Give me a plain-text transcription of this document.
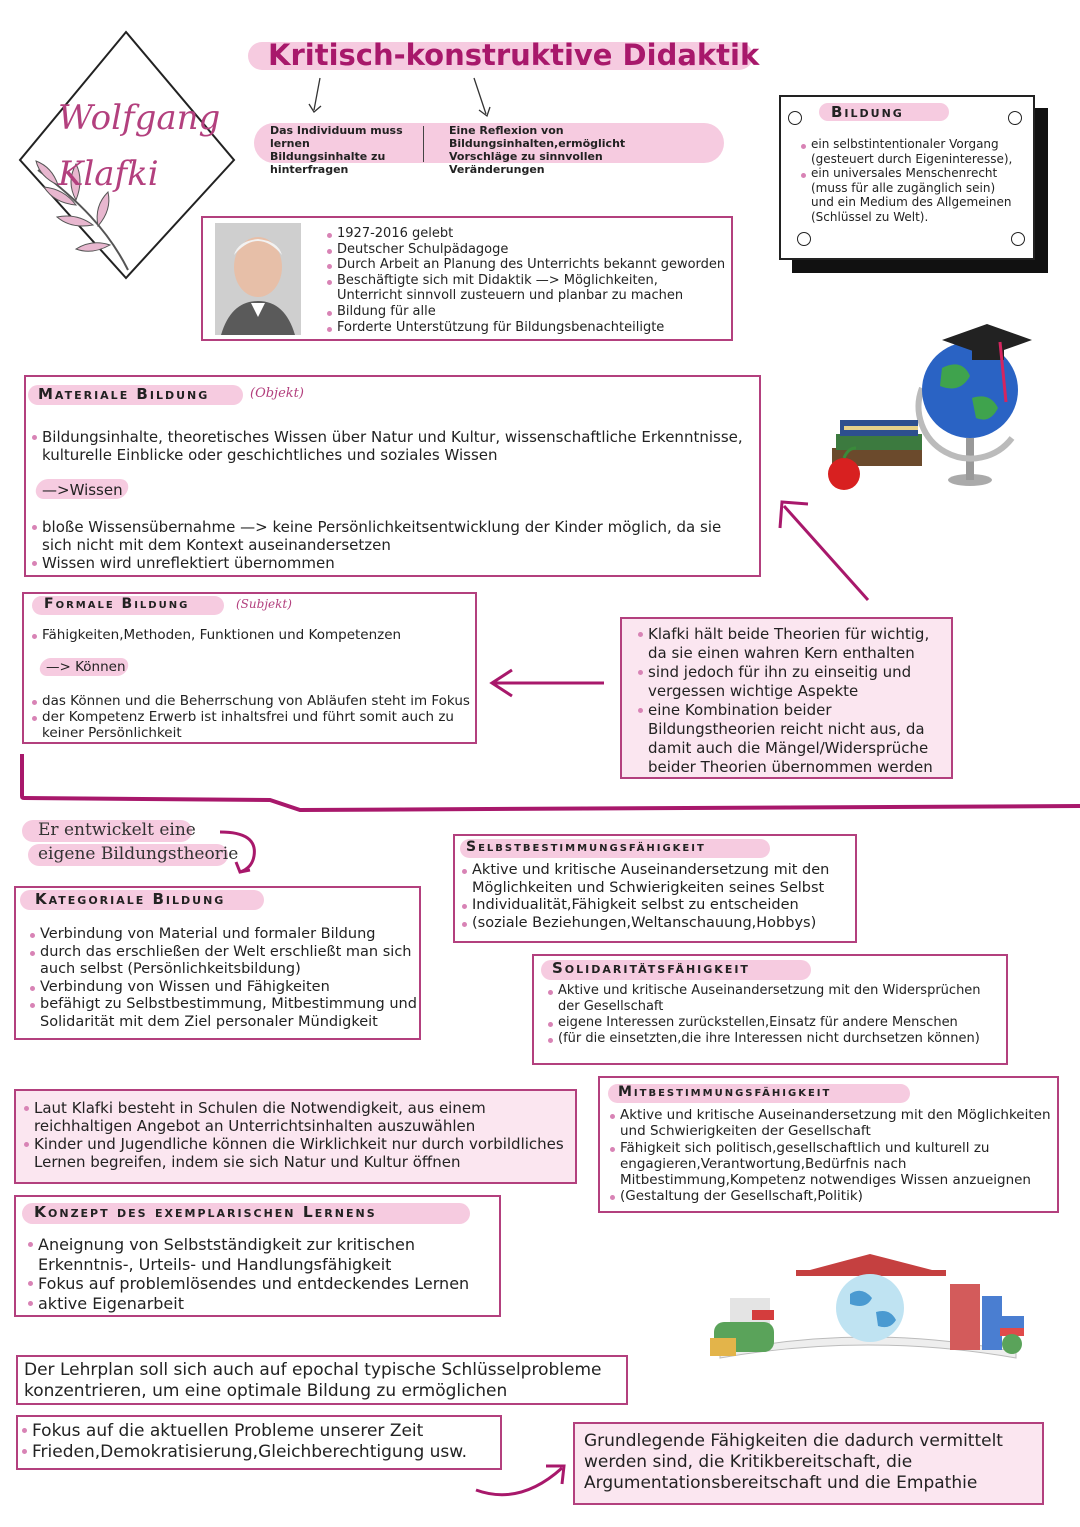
Wolfgang Klafki
Kritisch-konstruktive Didaktik
Das Individuum muss lernen Bildungsinhalte zu hinterfragen
Eine Reflexion von Bildungsinhalten,ermöglicht Vorschläge zu sinnvollen Veränderungen
Bildung
ein selbstintentionaler Vorgang (gesteuert durch Eigeninteresse),
ein universales Menschenrecht (muss für alle zugänglich sein) und ein Medium des Allgemeinen (Schlüssel zu Welt).
1927-2016 gelebt
Deutscher Schulpädagoge
Durch Arbeit an Planung des Unterrichts bekannt geworden
Beschäftigte sich mit Didaktik —> Möglichkeiten, Unterricht sinnvoll zusteuern und planbar zu machen
Bildung für alle
Forderte Unterstützung für Bildungsbenachteiligte
Materiale Bildung	(Objekt)
Bildungsinhalte, theoretisches Wissen über Natur und Kultur, wissenschaftliche Erkenntnisse, kulturelle Einblicke oder geschichtliches und soziales Wissen
—>Wissen
bloße Wissensübernahme —> keine Persönlichkeitsentwicklung der Kinder möglich, da sie sich nicht mit dem Kontext auseinandersetzen
Wissen wird unreflektiert übernommen
Formale Bildung	(Subjekt)
Fähigkeiten,Methoden, Funktionen und Kompetenzen
—> Können
das Können und die Beherrschung von Abläufen steht im Fokus
der Kompetenz Erwerb ist inhaltsfrei und führt somit auch zu keiner Persönlichkeit
Klafki hält beide Theorien für wichtig, da sie einen wahren Kern enthalten
sind jedoch für ihn zu einseitig und vergessen wichtige Aspekte
eine Kombination beider Bildungstheorien reicht nicht aus, da damit auch die Mängel/Widersprüche beider Theorien übernommen werden
Er entwickelt eine
eigene Bildungstheorie
Kategoriale Bildung
Verbindung von Material und formaler Bildung
durch das erschließen der Welt erschließt man sich auch selbst (Persönlichkeitsbildung)
Verbindung von Wissen und Fähigkeiten
befähigt zu Selbstbestimmung, Mitbestimmung und Solidarität mit dem Ziel personaler Mündigkeit
Selbstbestimmungsfähigkeit
Aktive und kritische Auseinandersetzung mit den Möglichkeiten und Schwierigkeiten seines Selbst
Individualität,Fähigkeit selbst zu entscheiden
(soziale Beziehungen,Weltanschauung,Hobbys)
Solidaritätsfähigkeit
Aktive und kritische Auseinandersetzung mit den Widersprüchen der Gesellschaft
eigene Interessen zurückstellen,Einsatz für andere Menschen
(für die einsetzten,die ihre Interessen nicht durchsetzen können)
Laut Klafki besteht in Schulen die Notwendigkeit, aus einem reichhaltigen Angebot an Unterrichtsinhalten auszuwählen
Kinder und Jugendliche können die Wirklichkeit nur durch vorbildliches Lernen begreifen, indem sie sich Natur und Kultur öffnen
Mitbestimmungsfähigkeit
Aktive und kritische Auseinandersetzung mit den Möglichkeiten und Schwierigkeiten der Gesellschaft
Fähigkeit sich politisch,gesellschaftlich und kulturell zu engagieren,Verantwortung,Bedürfnis nach Mitbestimmung,Kompetenz notwendiges Wissen anzueignen
(Gestaltung der Gesellschaft,Politik)
Konzept des exemplarischen Lernens
Aneignung von Selbstständigkeit zur kritischen Erkenntnis-, Urteils- und Handlungsfähigkeit
Fokus auf problemlösendes und entdeckendes Lernen
aktive Eigenarbeit
Der Lehrplan soll sich auch auf epochal typische Schlüsselprobleme konzentrieren, um eine optimale Bildung zu ermöglichen
Fokus auf die aktuellen Probleme unserer Zeit
Frieden,Demokratisierung,Gleichberechtigung usw.
Grundlegende Fähigkeiten die dadurch vermittelt werden sind, die Kritikbereitschaft, die Argumentationsbereitschaft und die Empathie
